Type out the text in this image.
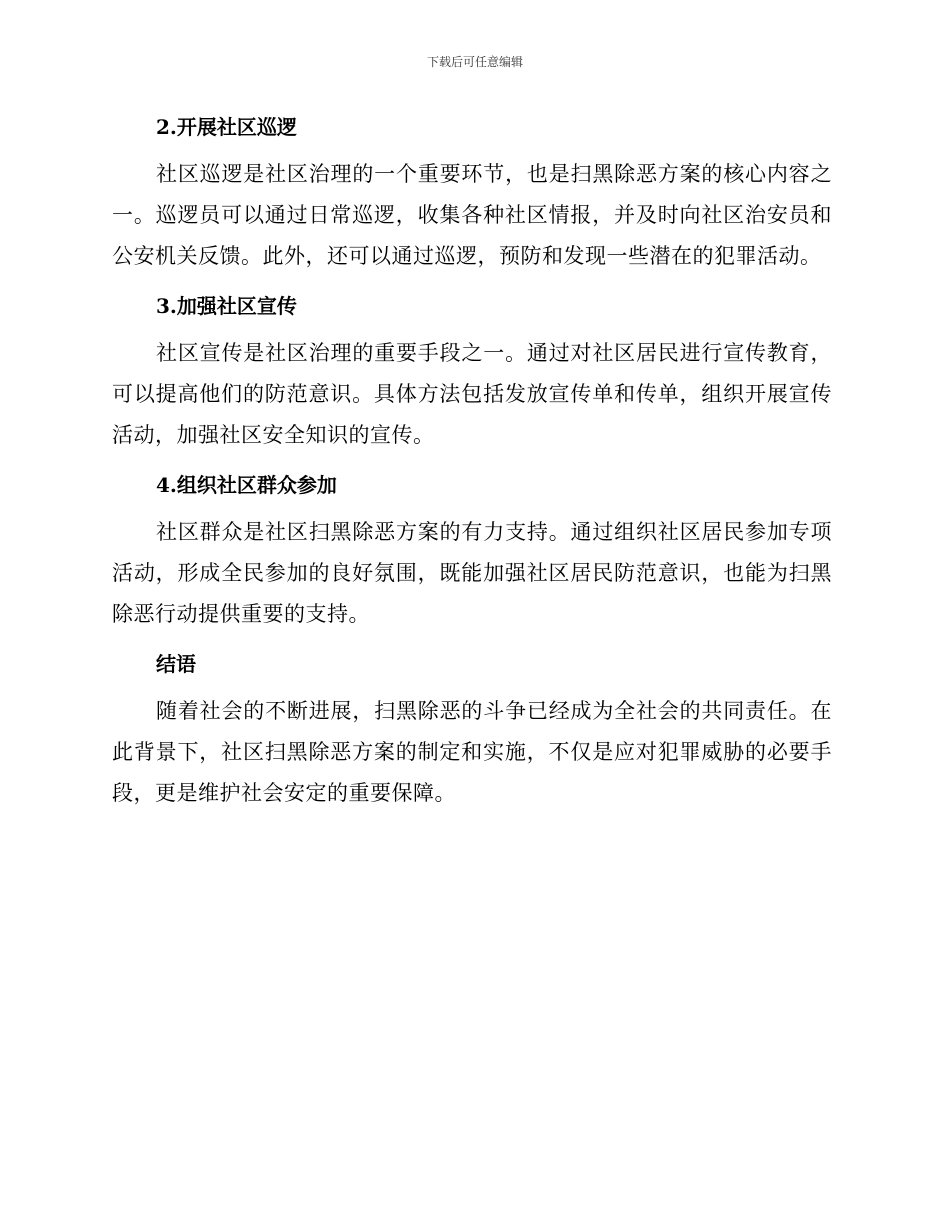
下载后可任意编辑
2.开展社区巡逻

社区巡逻是社区治理的一个重要环节，也是扫黑除恶方案的核心内容之一。巡逻员可以通过日常巡逻，收集各种社区情报，并及时向社区治安员和公安机关反馈。此外，还可以通过巡逻，预防和发现一些潜在的犯罪活动。

3.加强社区宣传

社区宣传是社区治理的重要手段之一。通过对社区居民进行宣传教育，可以提高他们的防范意识。具体方法包括发放宣传单和传单，组织开展宣传活动，加强社区安全知识的宣传。

4.组织社区群众参加

社区群众是社区扫黑除恶方案的有力支持。通过组织社区居民参加专项活动，形成全民参加的良好氛围，既能加强社区居民防范意识，也能为扫黑除恶行动提供重要的支持。

结语

随着社会的不断进展，扫黑除恶的斗争已经成为全社会的共同责任。在此背景下，社区扫黑除恶方案的制定和实施，不仅是应对犯罪威胁的必要手段，更是维护社会安定的重要保障。
